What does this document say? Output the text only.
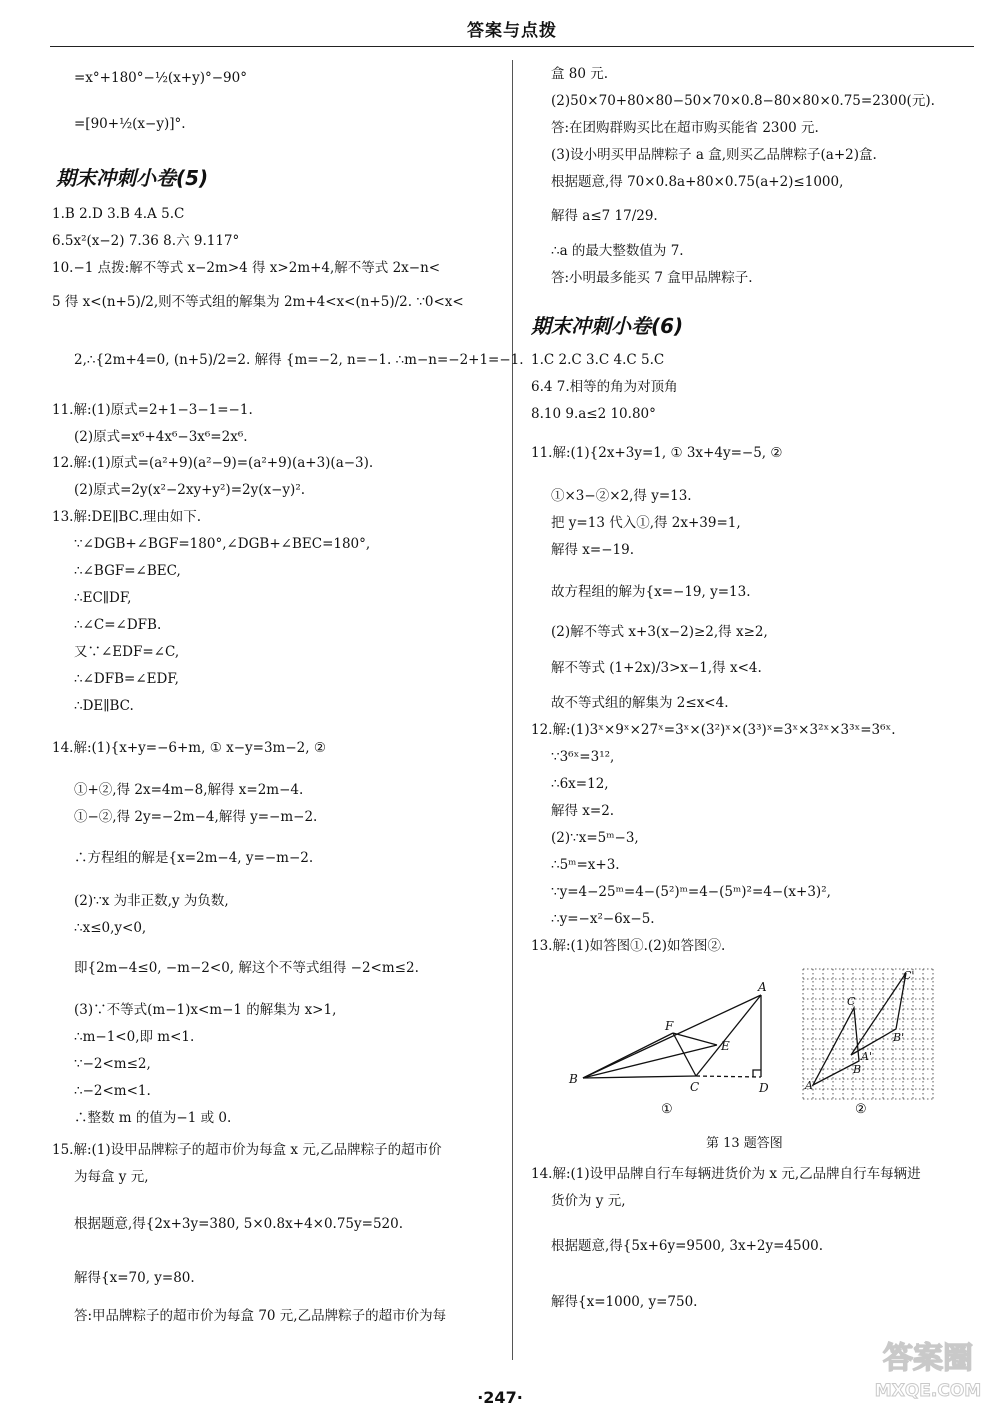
答案与点拨
=x°+180°−½(x+y)°−90°
=[90+½(x−y)]°.
期末冲刺小卷(5)
1.B 2.D 3.B 4.A 5.C
6.5x²(x−2) 7.36 8.六 9.117°
10.−1 点拨:解不等式 x−2m>4 得 x>2m+4,解不等式 2x−n<
5 得 x<(n+5)/2,则不等式组的解集为 2m+4<x<(n+5)/2. ∵0<x<
2,∴{2m+4=0, (n+5)/2=2. 解得 {m=−2, n=−1. ∴m−n=−2+1=−1.
11.解:(1)原式=2+1−3−1=−1.
(2)原式=x⁶+4x⁶−3x⁶=2x⁶.
12.解:(1)原式=(a²+9)(a²−9)=(a²+9)(a+3)(a−3).
(2)原式=2y(x²−2xy+y²)=2y(x−y)².
13.解:DE∥BC.理由如下.
∵∠DGB+∠BGF=180°,∠DGB+∠BEC=180°,
∴∠BGF=∠BEC,
∴EC∥DF,
∴∠C=∠DFB.
又∵∠EDF=∠C,
∴∠DFB=∠EDF,
∴DE∥BC.
14.解:(1){x+y=−6+m, ① x−y=3m−2, ②
①+②,得 2x=4m−8,解得 x=2m−4.
①−②,得 2y=−2m−4,解得 y=−m−2.
∴方程组的解是{x=2m−4, y=−m−2.
(2)∵x 为非正数,y 为负数,
∴x≤0,y<0,
即{2m−4≤0, −m−2<0, 解这个不等式组得 −2<m≤2.
(3)∵不等式(m−1)x<m−1 的解集为 x>1,
∴m−1<0,即 m<1.
∵−2<m≤2,
∴−2<m<1.
∴整数 m 的值为−1 或 0.
15.解:(1)设甲品牌粽子的超市价为每盒 x 元,乙品牌粽子的超市价
为每盒 y 元,
根据题意,得{2x+3y=380, 5×0.8x+4×0.75y=520.
解得{x=70, y=80.
答:甲品牌粽子的超市价为每盒 70 元,乙品牌粽子的超市价为每
盒 80 元.
(2)50×70+80×80−50×70×0.8−80×80×0.75=2300(元).
答:在团购群购买比在超市购买能省 2300 元.
(3)设小明买甲品牌粽子 a 盒,则买乙品牌粽子(a+2)盒.
根据题意,得 70×0.8a+80×0.75(a+2)≤1000,
解得 a≤7 17/29.
∴a 的最大整数值为 7.
答:小明最多能买 7 盒甲品牌粽子.
期末冲刺小卷(6)
1.C 2.C 3.C 4.C 5.C
6.4 7.相等的角为对顶角
8.10 9.a≤2 10.80°
11.解:(1){2x+3y=1, ① 3x+4y=−5, ②
①×3−②×2,得 y=13.
把 y=13 代入①,得 2x+39=1,
解得 x=−19.
故方程组的解为{x=−19, y=13.
(2)解不等式 x+3(x−2)≥2,得 x≥2,
解不等式 (1+2x)/3>x−1,得 x<4.
故不等式组的解集为 2≤x<4.
12.解:(1)3ˣ×9ˣ×27ˣ=3ˣ×(3²)ˣ×(3³)ˣ=3ˣ×3²ˣ×3³ˣ=3⁶ˣ.
∵3⁶ˣ=3¹²,
∴6x=12,
解得 x=2.
(2)∵x=5ᵐ−3,
∴5ᵐ=x+3.
∵y=4−25ᵐ=4−(5²)ᵐ=4−(5ᵐ)²=4−(x+3)²,
∴y=−x²−6x−5.
13.解:(1)如答图①.(2)如答图②.
A
B
C	D
E
F
①
A
B
C
A'
B'
C'
②
第 13 题答图
14.解:(1)设甲品牌自行车每辆进货价为 x 元,乙品牌自行车每辆进
货价为 y 元,
根据题意,得{5x+6y=9500, 3x+2y=4500.
解得{x=1000, y=750.
·247·
答案圈
MXQE.COM
